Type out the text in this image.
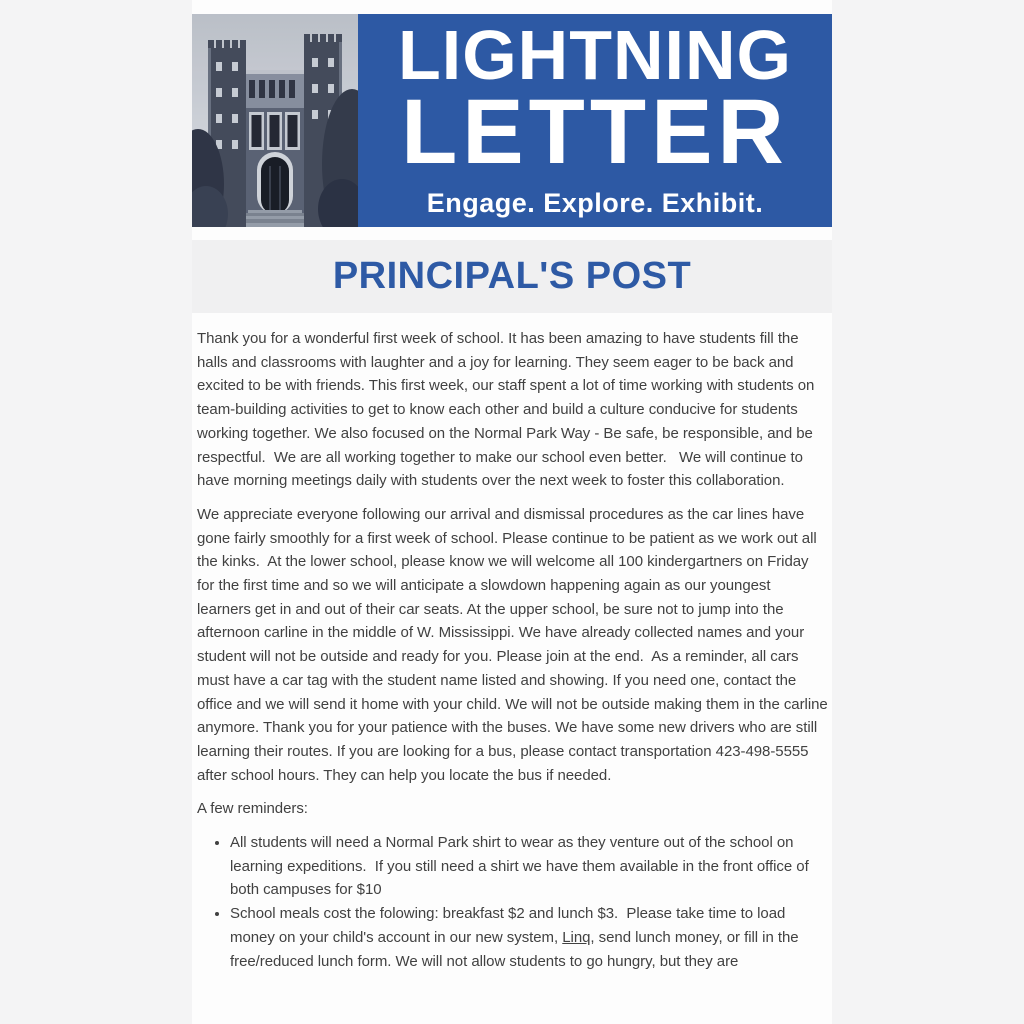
LIGHTNING
LETTER
Engage. Explore. Exhibit.
PRINCIPAL'S POST

Thank you for a wonderful first week of school. It has been amazing to have students fill the halls and classrooms with laughter and a joy for learning. They seem eager to be back and excited to be with friends. This first week, our staff spent a lot of time working with students on team-building activities to get to know each other and build a culture conducive for students working together. We also focused on the Normal Park Way - Be safe, be responsible, and be respectful.  We are all working together to make our school even better.   We will continue to have morning meetings daily with students over the next week to foster this collaboration.

We appreciate everyone following our arrival and dismissal procedures as the car lines have gone fairly smoothly for a first week of school. Please continue to be patient as we work out all the kinks.  At the lower school, please know we will welcome all 100 kindergartners on Friday for the first time and so we will anticipate a slowdown happening again as our youngest learners get in and out of their car seats. At the upper school, be sure not to jump into the afternoon carline in the middle of W. Mississippi. We have already collected names and your student will not be outside and ready for you. Please join at the end.  As a reminder, all cars must have a car tag with the student name listed and showing. If you need one, contact the office and we will send it home with your child. We will not be outside making them in the carline anymore. Thank you for your patience with the buses. We have some new drivers who are still learning their routes. If you are looking for a bus, please contact transportation 423-498-5555 after school hours. They can help you locate the bus if needed.

A few reminders:

• All students will need a Normal Park shirt to wear as they venture out of the school on learning expeditions.  If you still need a shirt we have them available in the front office of both campuses for $10
• School meals cost the folowing: breakfast $2 and lunch $3.  Please take time to load money on your child's account in our new system, Linq, send lunch money, or fill in the free/reduced lunch form. We will not allow students to go hungry, but they are
